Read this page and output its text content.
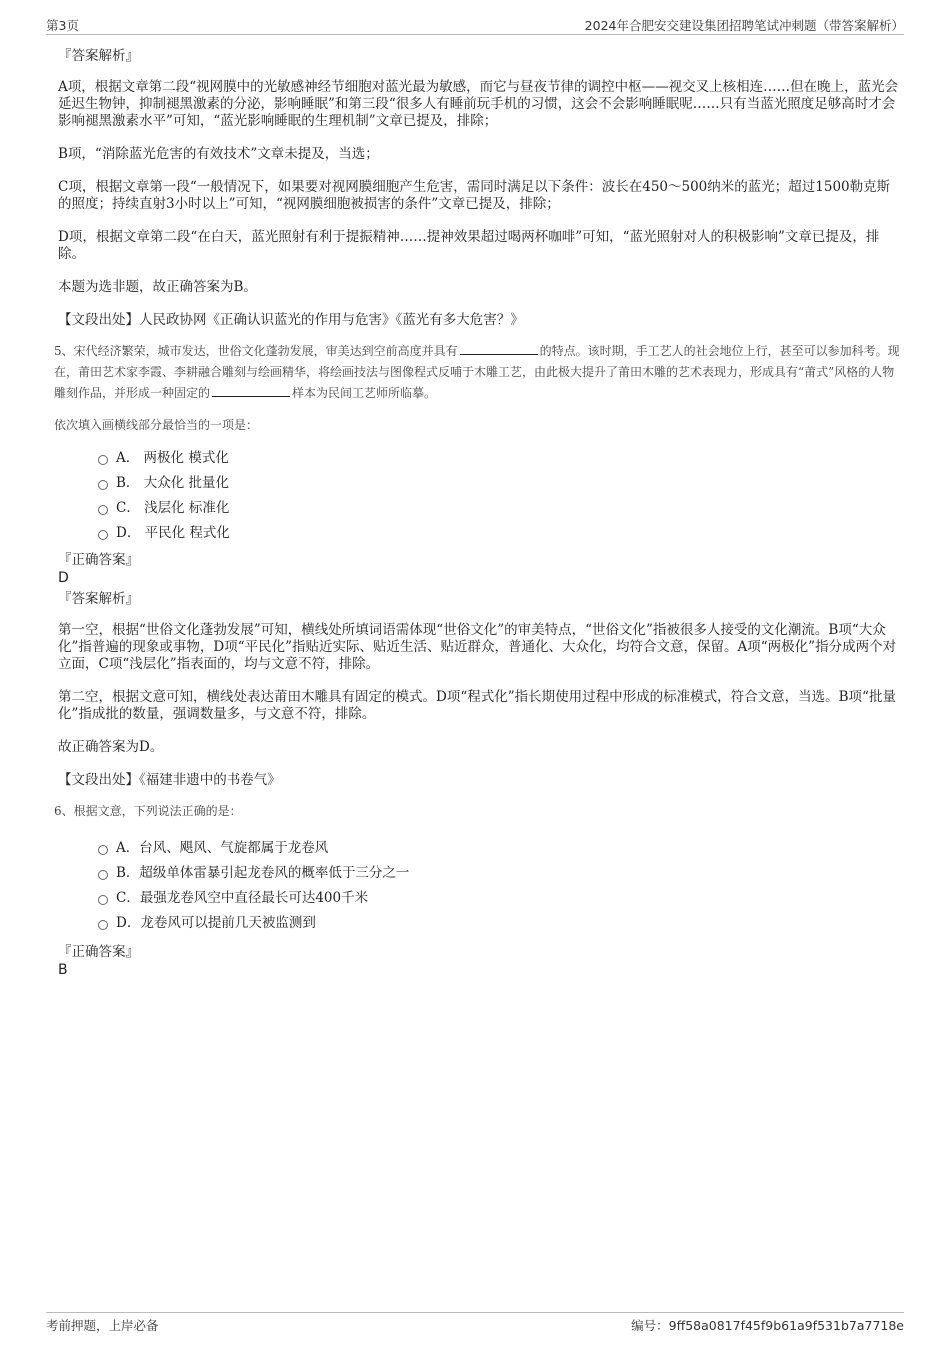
第3页	2024年合肥安交建设集团招聘笔试冲刺题（带答案解析）

『答案解析』

A项，根据文章第二段“视网膜中的光敏感神经节细胞对蓝光最为敏感，而它与昼夜节律的调控中枢——视交叉上核相连……但在晚上，蓝光会延迟生物钟，抑制褪黑激素的分泌，影响睡眠”和第三段“很多人有睡前玩手机的习惯，这会不会影响睡眠呢……只有当蓝光照度足够高时才会影响褪黑激素水平”可知，“蓝光影响睡眠的生理机制”文章已提及，排除；

B项，“消除蓝光危害的有效技术”文章未提及，当选；

C项，根据文章第一段“一般情况下，如果要对视网膜细胞产生危害，需同时满足以下条件：波长在450～500纳米的蓝光；超过1500勒克斯的照度；持续直射3小时以上”可知，“视网膜细胞被损害的条件”文章已提及，排除；

D项，根据文章第二段“在白天，蓝光照射有利于提振精神……提神效果超过喝两杯咖啡”可知，“蓝光照射对人的积极影响”文章已提及，排除。

本题为选非题，故正确答案为B。

【文段出处】人民政协网《正确认识蓝光的作用与危害》《蓝光有多大危害？》

5、宋代经济繁荣，城市发达，世俗文化蓬勃发展，审美达到空前高度并具有	的特点。该时期，手工艺人的社会地位上行，甚至可以参加科考。现在，莆田艺术家李霞、李耕融合雕刻与绘画精华，将绘画技法与图像程式反哺于木雕工艺，由此极大提升了莆田木雕的艺术表现力，形成具有“莆式”风格的人物雕刻作品，并形成一种固定的	样本为民间工艺师所临摹。

依次填入画横线部分最恰当的一项是：

A． 两极化 模式化
B． 大众化 批量化
C． 浅层化 标准化
D． 平民化 程式化

『正确答案』

D

『答案解析』

第一空，根据“世俗文化蓬勃发展”可知，横线处所填词语需体现“世俗文化”的审美特点，“世俗文化”指被很多人接受的文化潮流。B项“大众化”指普遍的现象或事物，D项“平民化”指贴近实际、贴近生活、贴近群众，普通化、大众化，均符合文意，保留。A项“两极化”指分成两个对立面，C项“浅层化”指表面的，均与文意不符，排除。

第二空，根据文意可知，横线处表达莆田木雕具有固定的模式。D项“程式化”指长期使用过程中形成的标准模式，符合文意，当选。B项“批量化”指成批的数量，强调数量多，与文意不符，排除。

故正确答案为D。

【文段出处】《福建非遗中的书卷气》

6、根据文意，下列说法正确的是：

A．台风、飓风、气旋都属于龙卷风
B．超级单体雷暴引起龙卷风的概率低于三分之一
C．最强龙卷风空中直径最长可达400千米
D．龙卷风可以提前几天被监测到

『正确答案』

B

考前押题，上岸必备	编号：9ff58a0817f45f9b61a9f531b7a7718e
